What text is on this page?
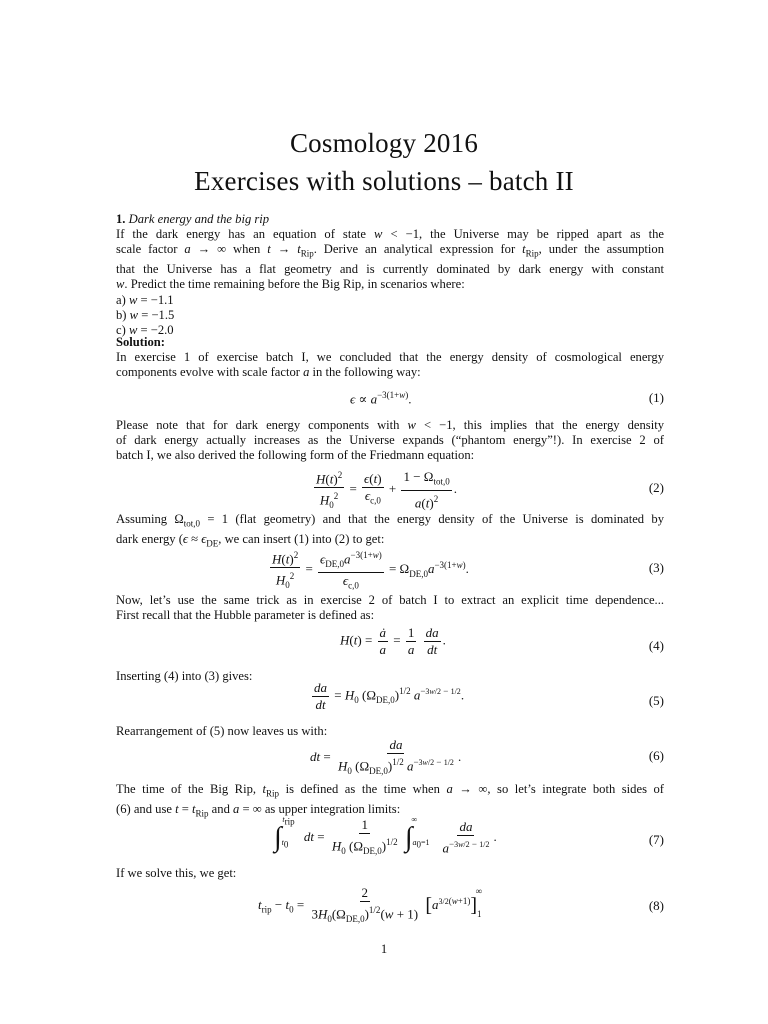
Cosmology 2016
Exercises with solutions – batch II
1. Dark energy and the big rip
If the dark energy has an equation of state w < −1, the Universe may be ripped apart as the
scale factor a → ∞ when $t \to t_{Rip}$. Derive an analytical expression for $t_{Rip}$, under the assumption
that the Universe has a flat geometry and is currently dominated by dark energy with constant
w. Predict the time remaining before the Big Rip, in scenarios where:
a) w = −1.1
b) w = −1.5
c) w = −2.0
Solution:
In exercise 1 of exercise batch I, we concluded that the energy density of cosmological energy
components evolve with scale factor a in the following way:
$\epsilon \propto a^{-3(1+w)}$.	(1)
Please note that for dark energy components with w < −1, this implies that the energy density
of dark energy actually increases as the Universe expands (“phantom energy”!). In exercise 2 of
batch I, we also derived the following form of the Friedmann equation:
$\frac{H(t)^2}{H_0^2} = \frac{\epsilon(t)}{\epsilon_{c,0}} + \frac{1 - \Omega_{tot,0}}{a(t)^2}$ .	(2)
Assuming $\Omega_{tot,0} = 1$ (flat geometry) and that the energy density of the Universe is dominated by
dark energy ($\epsilon \approx \epsilon_{DE}$, we can insert (1) into (2) to get:
$\frac{H(t)^2}{H_0^2} = \frac{\epsilon_{DE,0}a^{-3(1+w)}}{\epsilon_{c,0}} = \Omega_{DE,0}a^{-3(1+w)}$.	(3)
Now, let’s use the same trick as in exercise 2 of batch I to extract an explicit time dependence...
First recall that the Hubble parameter is defined as:
$H(t) = \frac{ȧ}{a} = \frac{1}{a}$
$\frac{da}{dt}$ .	(4)
Inserting (4) into (3) gives:
$\frac{da}{dt} = H_0$ $(\Omega_{DE,0})^{1/2}$ $a^{-3w/2 - 1/2}$.	(5)
Rearrangement of (5) now leaves us with:
dt = $\frac{da}{H_0 (\Omega_{DE,0})^{1/2} a^{-3w/2 - 1/2}}$ .	(6)
The time of the Big Rip, $t_{Rip}$ is defined as the time when a → ∞, so let’s integrate both sides of
(6) and use $t = t_{Rip}$ and a = ∞ as upper integration limits:
$\int_{t_0}^{t_{rip}}$ dt = $\frac{1}{H_0 (\Omega_{DE,0})^{1/2}} \int_{a_0=1}^\infty$
$\frac{da}{a^{-3w/2 - 1/2}}$ .	(7)
If we solve this, we get:
$t_{rip} - t_0 = \frac{2}{3H_0(\Omega_{DE,0})^{1/2}(w + 1)} [a^{3/2(w+1)}]_1^\infty$
(8)
1
